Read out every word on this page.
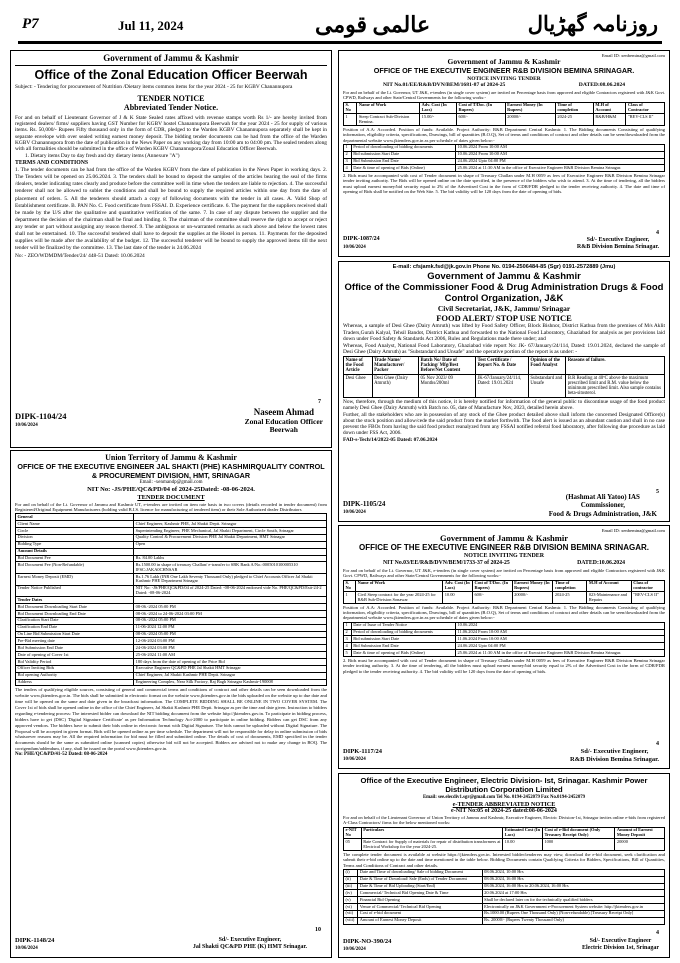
P7	Jul 11, 2024	عالمی قومی	روزنامہ گھڑیال
Government of Jammu & Kashmir
Office of the Zonal Education Officer Beerwah

Subject: - Tendering for procurement of Nutrition /Dietary items common items for the year 2024 - 25 for KGBV Chanannupora

TENDER NOTICE
Abbreviated Tender Notice.

For and on behalf of Lieutenant Governor of J & K State Sealed rates affixed with revenue stamps worth Rs 1/- are hereby invited from registered dealers/ firms/ suppliers having GST Number for KGBV hostel Chanannupora Beerwah for the year 2024 - 25 for supply of various items. Rs. 50,000/- Rupees Fifty thousand only in the form of CDR, pledged to the Warden KGBV Chanannupora separately shall be kept in separate envelope with over sealed writing earnest money deposit. The bidding tender documents can be had from the office of the Warden KGBV Chanannupora from the date of publication in the News Paper on any working day from 10:00 am to 04:00 pm. The sealed tenders along with all formalities should be submitted in the office of Warden KGBV Chanannupora/Zonal Education Officer Beerwah.

1. Dietary items Day to day fresh and dry dietary items (Annexure "A")

TERMS AND CONDITIONS

1. The tender documents can be had from the office of the Warden KGBV from the date of publication in the News Paper in working days. 2. The Tenders will be opened on 25.06.2024. 3. The tenders shall be bound to deposit the samples of the articles bearing the seal of the firms /dealers, tender indicating rates clearly and produce before the committee well in time when the tenders are liable to rejection. 4. The successful tenderer shall not be allowed to sublet the conditions and shall be bound to supply the required articles within one day from the date of placement of orders. 5. All the tenderers should attach a copy of following documents with the tender in all cases. A. Valid Shop of Establishment certificate. B. PAN No. C. Food certificate from FSSAI. D. Experience certificate. 6. The payment for the suppliers received shall be made by the U/S after the qualitative and quantitative verification of the same. 7. In case of any dispute between the supplier and the department the decision of the chairman shall be final and binding. 8. The chairman of the committee shall reserve the right to accept or reject any tender or part without assigning any reason thereof. 9. The ambiguous or un-warranted remarks as such above and below the lowest rates shall not be entertained. 10. The successful tendered shall have to deposit the supplies at the Hostel in person. 11. Payments for the deposited supplies will be made after the availability of the budget. 12. The successful tenderer will be bound to supply the approved items till the next tender will be finalized by the committee. 13. The last date of the tender is 24.06.2024

No: - ZEO/WDMDM/Tender/24/ 448-51 Dated: 10.06.2024
DIPK-1104/24
10/06/2024
7
Naseem Ahmad
Zonal Education Officer
Beerwah
Union Territory of Jammu & Kashmir
OFFICE OF THE EXECUTIVE ENGINEER JAL SHAKTI (PHE) KASHMIRQUALITY CONTROL & PROCUREMENT DIVISION, HMT, SRINAGAR
Email: -xenmandp@gmail.com
NIT No: -JS/PHE/QC&PD/04 of 2024-25Dated: -08-06-2024.
TENDER DOCUMENT

For and on behalf of the Lt. Governor of Jammu and Kashmir UT, e-tenders are invited on item rate basis in two covers (details recorded in tender document) from Registered/Original Equipment Manufacturers (holding valid B.I.S. licence for manufacturing of tendered item) or their Sole Authorized dealer Distributors

General	
Client Name	Chief Engineer, Kashmir PHE, Jal Shakti Deptt. Srinagar
Circle	Superintending Engineer, PHE Mechanical, Jal Shakti Department, Circle South, Srinagar
Division	Quality Control & Procurement Division PHE Jal Shakti Department, HMT Srinagar
Bidding Type	Open
Amount Details	
Bid Document Fee	Rs. 84.00 Lakhs
Bid Document Fee (Non-Refundable)	Rs.1500.00 in shape of treasury Challan/ e-transfer to SBK Bank A/No.:0005010100005310 IFSC:JAKA0CHNSAR
Earnest Money Deposit (EMD)	Rs.1.76 Lakh (INR One Lakh Seventy Thousand Only) pledged to Chief Accounts Officer Jal Shakti Kashmir PHE Department Srinagar
Tender Notice Published	NIT No: -JS/PHE/QC&PD/04 of 2024-25 Dated: -08-06-2024 endorsed vide No. PHE/QC&PD/Estt-24-2 Dated: -08-06-2024
Tender Dates	
Bid Document Downloading Start Date	08-06.-2024 05:00 PM
Bid Document Downloading End Date	08-06.-2024 to 24-06-2024 03:00 PM
Clarification Start Date	08-06.-2024 05:00 PM
Clarification End Date	11-06-2024 12:00 PM
On Line Bid Submission Start Date	08-06.-2024 05:00 PM
Pre-Bid meeting date	12-06-2024 03:00 PM
Bid Submission End Date	24-06-2024 03:00 PM
Date of opening of Cover 1st	25-06-2024 11:00 AM
Bid Validity Period	180 days from the date of opening of the Price Bid
Officer Inviting Bids	Executive Engineer QC&PD PHE Jal Shakti HMT Srinagar
Bid opening Authority	Chief Engineer, Jal Shakti Kashmir PHE Deptt. Srinagar
Address	Engineering Complex, Near Silk Factory, Raj Bagh Srinagar Kashmir-190008

The tenders of qualifying eligible sources, consisting of general and commercial terms and conditions of contract and other details can be seen downloaded from the website www.jktenders.gov.in. The bids shall be submitted in electronic format on the website www.jktenders.gov.in the bids uploaded on the website up to due date and time will be opened on the same and date given in the broadcast information. The COMPLETE BIDDING SHALL BE ONLINE IN TWO COVER SYSTEM. The Cover 1st of bids shall be opened online in the office of the Chief Engineer, Jal Shakti Kashmir PHE Deptt. Srinagar as per the time and date given. Instruction to bidders regarding e-tendering process: The interested bidder can download the NIT bidding document from the website http://jktenders.gov.in. To participate in bidding process, bidders have to get (DSC) 'Digital Signature Certificate' as per Information Technology Act-2000 to participate in online bidding. Bidders can get DSC from any approved vendors. The bidders have to submit their bids online in electronic format with Digital Signature. The bids cannot be uploaded without Digital Signature. The Proposal will be accepted in given format. Bids will be opened online as per time schedule. The department will not be responsible for delay in online submission of bids whatsoever reasons may be. All the required information for bid must be filled and submitted online. The details of cost of documents, EMD specified in the tender documents should be the same as submitted online (scanned copies) otherwise bid will not be accepted. Bidders are advised not to make any change in BOQ. The corrigendum/addendum, if any, shall be issued on the portal www.jktenders.gov.in.

No: PHE/QC&PD/41-52 Dated: 08-06-2024
DIPK-1148/24
10/06/2024
10
Sd/- Executive Engineer,
Jal Shakti QC&PD PHE (K) HMT Srinagar.
Email ID: xenbemina@gmail.com
Government of Jammu & Kashmir
OFFICE OF THE EXECUTIVE ENGINEER R&B DIVISION BEMINA SRINAGAR.
NOTICE INVITING TENDER
NIT No.01/EE/R&B/DVN/BEM/1681-87 of 2024-25	DATED:08.06.2024

For and on behalf of the Lt. Governor, UT J&K, e-tenders (in single cover system) are invited on Percentage basis from approved and eligible Contractors registered with J&K Govt. CPWD, Railways and other State/Central Governments for the following works:-

S. No	Name of Work	Adv. Cost (In Lacs)	Cost of T/Doc. (In Rupees)	Earnest Money (In Rupees)	Time of completion	M.H of Account	Class of Contractor
1	Steep Contract Sub-Division Bemina.	15.00/-	600/-	20000/-	2024-25	R&B/H&M	"REV-CLS II"

Position of A.A: Accorded. Position of funds: Available. Project Authority: R&B Department Central Kashmir. 1. The Bidding documents Consisting of qualifying information, eligibility criteria, specifications, Drawings, bill of quantities (B.O.Q), Set of terms and conditions of contract and other details can be seen/downloaded from the departmental website www.jktenders.gov.in as per schedule of dates given below:-

1	Period of downloading of bidding documents	10.06.2024 From 10:00 AM
2	Bid submission Start Date	10.06.2024 From 10:00 AM
3	Bid Submission End Date	24.06.2024 Upto 04:00 PM
4	Date & time of opening of Bids (Online)	25.06.2024 at 11:30 AM in the office of Executive Engineer R&B Division Bemina Srinagar.

2. Bids must be accompanied with cost of Tender document in shape of Treasury Challan under M.H 0059 as fees of Executive Engineer R&B Division Bemina Srinagar tender inviting authority. The Bids will be opened online on the date specified, in the presence of the bidders who wish to attend. 3. At the time of tendering, all the bidders must upload earnest money/bid security equal to 2% of the Advertised Cost in the form of CDR/FDR pledged to the tender receiving authority. 4. The date and time of opening of Bids shall be notified on the Web Site. 5. The bid validity will be 120 days from the date of opening of bids.

DIPK-1087/24
10/06/2024
4
Sd/- Executive Engineer,
R&B Division Bemina Srinagar.
E-mail: cfsjamk.fsd@jk.gov.in Phone No. 0194-2506484-85 (Sgr) 0191-2572889 (Jmu)
Government of Jammu & Kashmir
Office of the Commissioner Food & Drug Administration Drugs & Food Control Organization, J&K
Civil Secretariat, J&K, Jammu/ Srinagar
FOOD ALERT/ STOP USE NOTICE

Whereas, a sample of Desi Ghee (Dairy Amruth) was lifted by Food Safety Officer, Block Bishnor, District Kathua from the premises of M/s Aklit Traders,Gurah Kalyal, Tehsil Bandot, District Kathua and forwarded to the National Food Laboratory, Ghaziabad for analysis as per provisions laid down under Food Safety & Standards Act 2006, Rules and Regulations made there under; and

Whereas, Food Analyst, National Food Laboratory, Ghaziabad vide report No: JK- 67/January/24/114, Dated: 19.01.2024, declared the sample of Desi Ghee (Dairy Amruth) as "Substandard and Unsafe" and the operative portion of the report is as under: -

Name of the Food Article	Trade Name/ Manufacturer/ Packer	Batch No/ Date of Packing/ Mfg/Best Before/Net Content	Test Certificate / Report No. & Date	Opinion of the Food Analyst	Reasons of failure.
Desi Ghee	Desi Ghee (Dairy Amruth)	05 Nov 2023/ 09 Months/200ml	JK-67/January/24/114, Dated: 19.01.2024	Substandard and Unsafe	B.R Reading at 40ºC above the maximum prescribed limit and R.M. value below the minimum prescribed limit. Also sample contains beta-sitosterol.

Now, therefore, through the medium of this notice, it is hereby notified for information of the general public to discontinue usage of the food product namely Desi Ghee (Dairy Amruth) with Batch no. 05, date of Manufacture Nov, 2023, detailed herein above.

Further, all the stakeholders who are in possession of any stock of the Ghee product detailed above shall inform the concerned Designated Officer(s) about the stock position and allow/cede the said product from the market forthwith. The food alert is issued as an abundant caution and shall in no case prevent the FBOs from having the said food product reanalyzed from any FSSAI notified referral food laboratory, after following due procedure as laid down under FSS Act, 2006.

FAD-s-Tech/14/2022-05 Dated: 07.06.2024
DIPK-1105/24
10/06/2024
5
(Hashmat Ali Yatoo) IAS
Commissioner,
Food & Drugs Administration, J&K
Email ID: xenbemina@gmail.com
Government of Jammu & Kashmir
OFFICE OF THE EXECUTIVE ENGINEER R&B DIVISION BEMINA SRINAGAR.
NOTICE INVITING TENDER
NIT No.03/EE/R&B/DVN/BEM/1733-37 of 2024-25	DATED:10.06.2024

For and on behalf of the Lt. Governor, UT J&K, e-tenders (in single cover system) are invited on Percentage basis from approved and eligible Contractors registered with J&K Govt. CPWD, Railways and other State/Central Governments for the following works:-

S. No	Name of Work	Adv. Cost (In Lacs)	Cost of T/Doc. (In Rupees)	Earnest Money (In Rupees)	Time of completion	M.H of Account	Class of contractor
1	Civil Steep contract for the year 2024-25 for R&B Sub-Division Sonawar	10.00	600/-	20000/-	2024-25	023-Maintenance and Repairs	"REV-CLS II"

Position of A.A: Accorded. Position of funds: Available. Project Authority: R&B Department Central Kashmir. 1. The Bidding documents Consisting of qualifying information, eligibility criteria, specifications, Drawings, bill of quantities (B.O.Q), Set of terms and conditions of contract and other details can be seen/downloaded from the departmental website www.jktenders.gov.in as per schedule of dates given below:-

1	Date of Issue of Tender Notice	10.06.2024
2	Period of downloading of bidding documents	11.06.2024 From 10:00 AM
3	Bid submission Start Date	11.06.2024 From 10:00 AM
4	Bid Submission End Date	24.06.2024 Upto 04:00 PM
5	Date & time of opening of Bids (Online)	25.06.2024 at 11:30 AM in the office of Executive Engineer R&B Division Bemina Srinagar.

2. Bids must be accompanied with cost of Tender document in shape of Treasury Challan under M.H 0059 as fees of Executive Engineer R&B Division Bemina Srinagar tender inviting authority. 3. At the time of tendering, all the bidders must upload earnest money/bid security equal to 2% of the Advertised Cost in the form of CDR/FDR pledged to the tender receiving authority. 4. The bid validity will be 120 days from the date of opening of bids.

DIPK-1117/24
10/06/2024
4
Sd/- Executive Engineer,
R&B Division Bemina Srinagar.
Office of the Executive Engineer, Electric Division- Ist, Srinagar. Kashmir Power Distribution Corporation Limited
Email: see.elecdiv1.sgr@gmail.com Tel No. 0194-2452079 Fax No.0194-2452079
e-TENDER ABBREVIATED NOTICE
e-NIT No:05 of 2024-25 dated:08-06-2024

For and on behalf of the Lieutenant Governor of Union Territory of Jammu and Kashmir, Executive Engineer, Electric Division-1st, Srinagar invites online e-bids from registered A-Class Contractors/ firms for the below mentioned works:

e-NIT No	Particulars	Estimated Cost (In Lacs)	Cost of e-Bid document (Only Treasury Receipt Only)	Amount of Earnest Money Deposit
05	Rate Contract for Supply of materials for repair of distribution transformers at Electrical Workshop for the year 2024-25.	10.00	1000	20000

The complete tender document is available at website https://jktenders.gov.in. Interested bidder/tenderers may view, download the e-bid document, seek clarification and submit their e-bid online up to the date and time mentioned in the table below. Bidding Documents contain Qualifying Criteria for Bidders, Specifications, Bill of Quantities, Terms and Conditions of Contract and other details.

(i)	Date and Time of downloading/ Sale of bidding Document	08.06.2024, 10:00 Hrs
(ii)	Date & Time of Download/ Sale (Ends) of Tender Document	08.06.2024, 16:00 Hrs
(iii)	Date & Time of Bid Uploading (Start/End)	08.06.2024, 16:00 Hrs to 20.06.2024, 16:00 Hrs
(iv)	Commercial/ Technical Bid Opening Date & Time	20.06.2024 at 17:00 Hrs
(v)	Financial Bid Opening	Shall be declared later on for the technically qualified bidders
(vi)	Venue of Commercial/ Technical Bid Opening	Electronically on J&K Government e-Procurement System website: http://jktenders.gov.in
(vii)	Cost of e-bid document	Rs.1000.00 (Rupees One Thousand Only) (Non-refundable) [Treasury Receipt Only]
(viii)	Amount of Earnest Money Deposit	Rs. 20000/- (Rupees Twenty Thousand Only)
DIPK-NO-390/24
10/06/2024
4
Sd/- Executive Engineer
Electric Division 1st, Srinagar
